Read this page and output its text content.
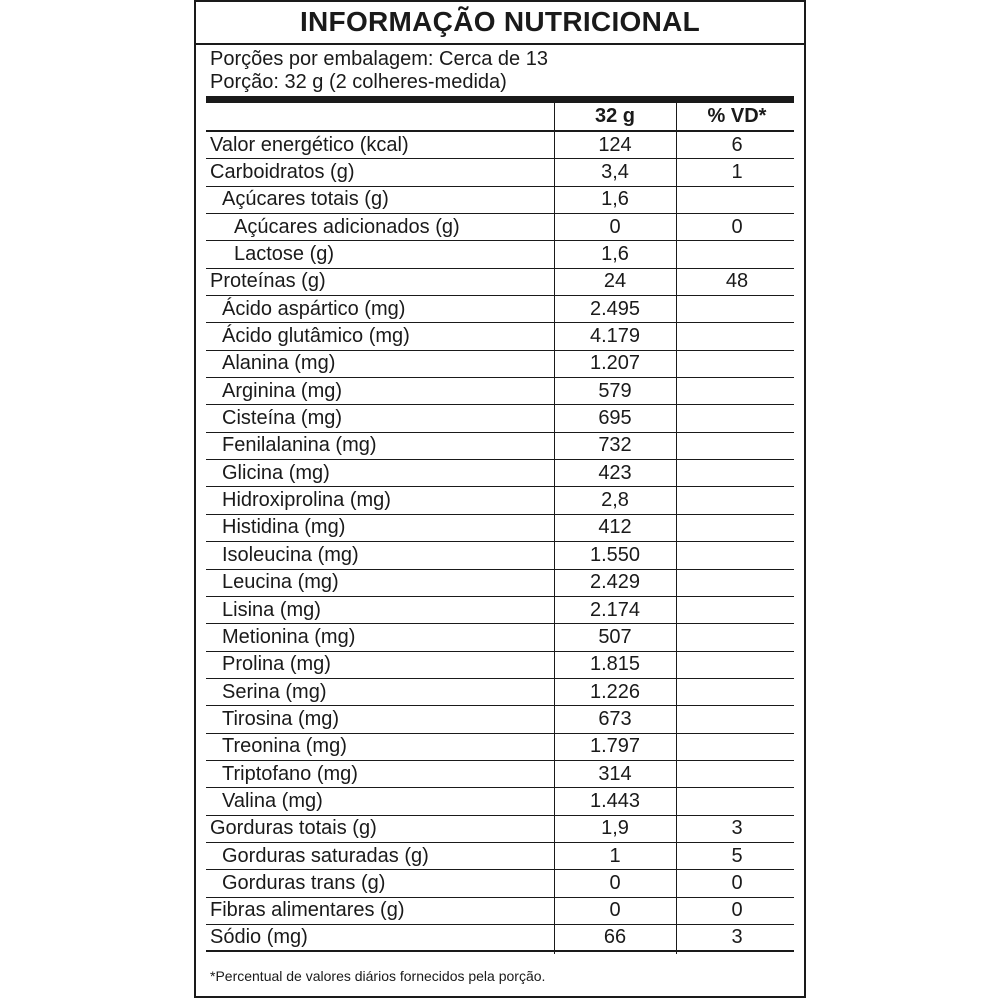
INFORMAÇÃO NUTRICIONAL
Porções por embalagem: Cerca de 13
Porção: 32 g (2 colheres-medida)
32 g	% VD*
Valor energético (kcal)	124	6
Carboidratos (g)	3,4	1
Açúcares totais (g)	1,6
Açúcares adicionados (g)	0	0
Lactose (g)	1,6
Proteínas (g)	24	48
Ácido aspártico (mg)	2.495
Ácido glutâmico (mg)	4.179
Alanina (mg)	1.207
Arginina (mg)	579
Cisteína (mg)	695
Fenilalanina (mg)	732
Glicina (mg)	423
Hidroxiprolina (mg)	2,8
Histidina (mg)	412
Isoleucina (mg)	1.550
Leucina (mg)	2.429
Lisina (mg)	2.174
Metionina (mg)	507
Prolina (mg)	1.815
Serina (mg)	1.226
Tirosina (mg)	673
Treonina (mg)	1.797
Triptofano (mg)	314
Valina (mg)	1.443
Gorduras totais (g)	1,9	3
Gorduras saturadas (g)	1	5
Gorduras trans (g)	0	0
Fibras alimentares (g)	0	0
Sódio (mg)	66	3
*Percentual de valores diários fornecidos pela porção.
